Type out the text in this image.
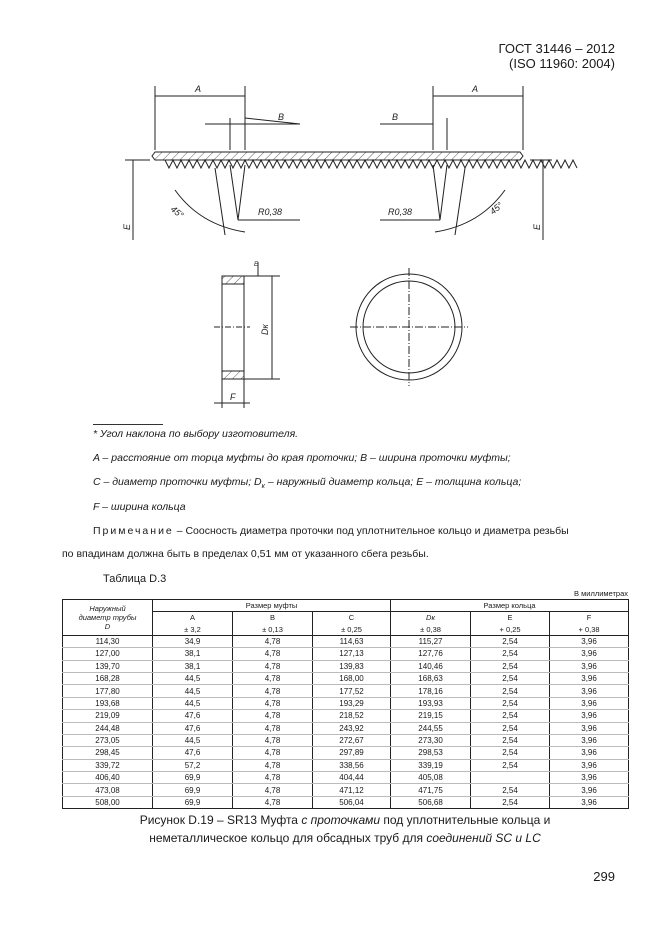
ГОСТ 31446 – 2012
(ISO 11960: 2004)
A	A
B	B
R0,38	R0,38
45°	45°
E	E
E
Dк
F
* Угол наклона по выбору изготовителя.
A – расстояние от торца муфты до края проточки; B – ширина проточки муфты;
C – диаметр проточки муфты; $D_к$ – наружный диаметр кольца; E – толщина кольца;
F – ширина кольца
Примечание – Соосность диаметра проточки под уплотнительное кольцо и диаметра резьбы
по впадинам должна быть в пределах 0,51 мм от указанного сбега резьбы.
Таблица D.3
В миллиметрах
Наружный
диаметр трубы
D	Размер муфты			Размер кольца		
	A	B	C	Dк	E	F
	± 3,2	± 0,13	± 0,25	± 0,38	+ 0,25	+ 0,38
114,30	34,9	4,78	114,63	115,27	2,54	3,96
127,00	38,1	4,78	127,13	127,76	2,54	3,96
139,70	38,1	4,78	139,83	140,46	2,54	3,96
168,28	44,5	4,78	168,00	168,63	2,54	3,96
177,80	44,5	4,78	177,52	178,16	2,54	3,96
193,68	44,5	4,78	193,29	193,93	2,54	3,96
219,09	47,6	4,78	218,52	219,15	2,54	3,96
244,48	47,6	4,78	243,92	244,55	2,54	3,96
273,05	44,5	4,78	272,67	273,30	2,54	3,96
298,45	47,6	4,78	297,89	298,53	2,54	3,96
339,72	57,2	4,78	338,56	339,19	2,54	3,96
406,40	69,9	4,78	404,44	405,08		3,96
473,08	69,9	4,78	471,12	471,75	2,54	3,96
508,00	69,9	4,78	506,04	506,68	2,54	3,96
Рисунок D.19 – SR13 Муфта с проточками под уплотнительные кольца и
неметаллическое кольцо для обсадных труб для соединений SC и LC
299
